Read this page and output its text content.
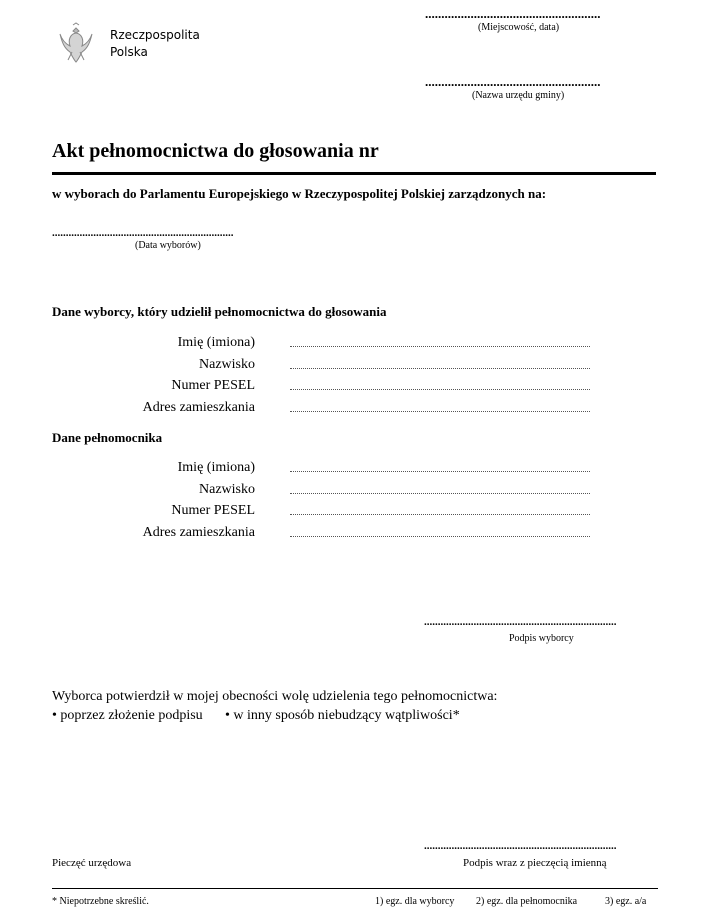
Rzeczpospolita
Polska
......................................................
(Miejscowość, data)
......................................................
(Nazwa urzędu gminy)
Akt pełnomocnictwa do głosowania nr
w wyborach do Parlamentu Europejskiego w Rzeczypospolitej Polskiej zarządzonych na:
..................................................................
(Data wyborów)
Dane wyborcy, który udzielił pełnomocnictwa do głosowania
Imię (imiona)
Nazwisko
Numer PESEL
Adres zamieszkania
Dane pełnomocnika
Imię (imiona)
Nazwisko
Numer PESEL
Adres zamieszkania
......................................................................
Podpis wyborcy
Wyborca potwierdził w mojej obecności wolę udzielenia tego pełnomocnictwa:
• poprzez złożenie podpisu • w inny sposób niebudzący wątpliwości*
Pieczęć urzędowa
......................................................................
Podpis wraz z pieczęcią imienną
* Niepotrzebne skreślić.	1) egz. dla wyborcy 2) egz. dla pełnomocnika	3) egz. a/a
